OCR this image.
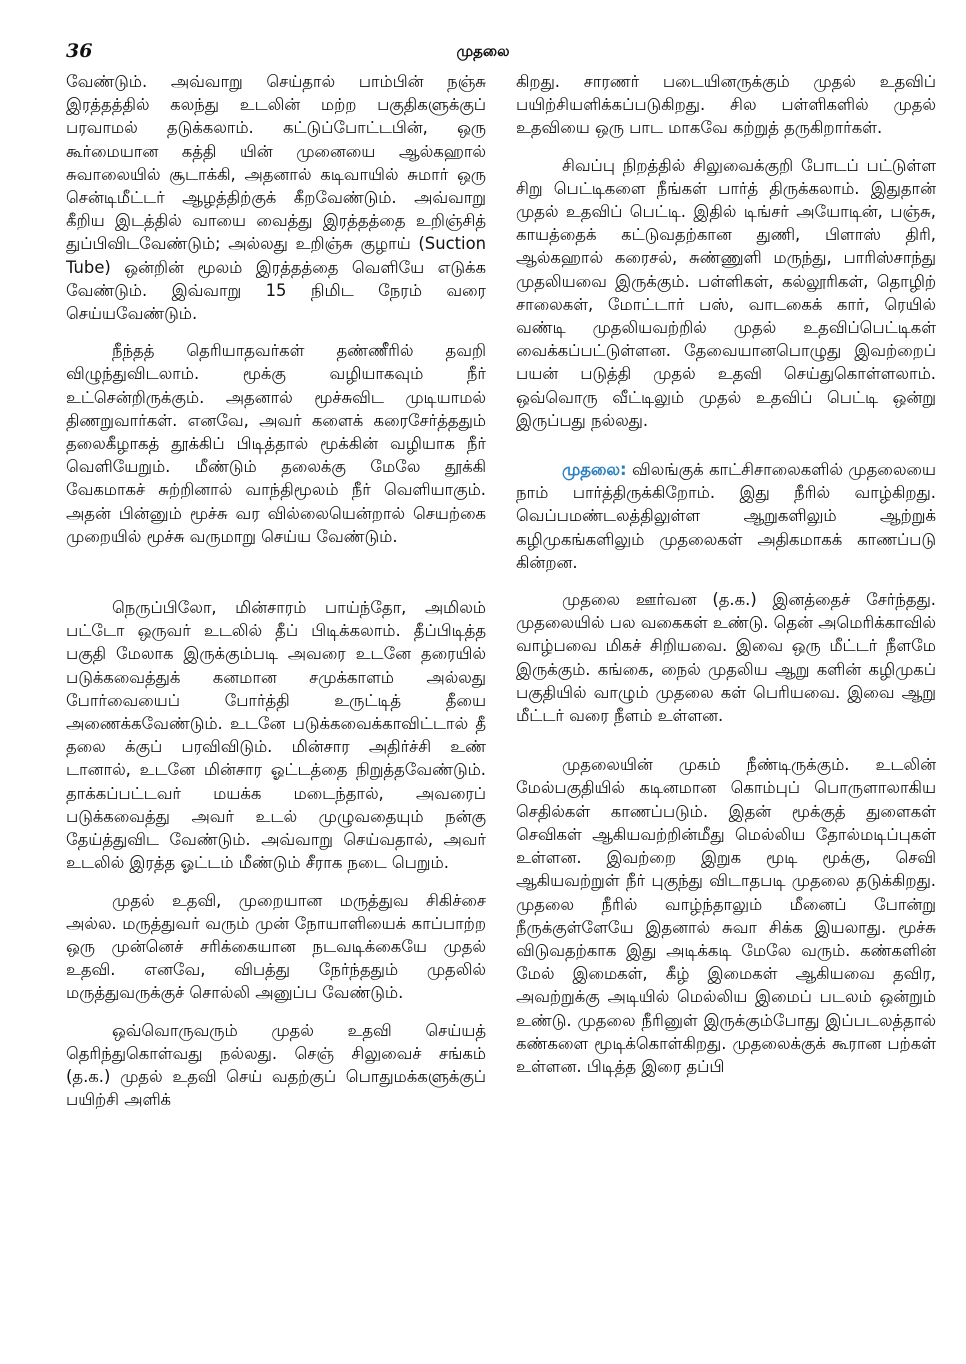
36	முதலை

வேண்டும். அவ்வாறு செய்தால் பாம்பின் நஞ்சு இரத்தத்தில் கலந்து உடலின் மற்ற பகுதிகளுக்குப் பரவாமல் தடுக்கலாம். கட்டுப்போட்டபின், ஒரு கூர்மையான கத்தி யின் முனையை ஆல்கஹால் சுவாலையில் சூடாக்கி, அதனால் கடிவாயில் சுமார் ஒரு சென்டிமீட்டர் ஆழத்திற்குக் கீறவேண்டும். அவ்வாறு கீறிய இடத்தில் வாயை வைத்து இரத்தத்தை உறிஞ்சித் துப்பிவிடவேண்டும்; அல்லது உறிஞ்சு குழாய் (Suction Tube) ஒன்றின் மூலம் இரத்தத்தை வெளியே எடுக்க வேண்டும். இவ்வாறு 15 நிமிட நேரம் வரை செய்யவேண்டும்.

நீந்தத் தெரியாதவர்கள் தண்ணீரில் தவறி விழுந்துவிடலாம். மூக்கு வழியாகவும் நீர் உட்சென்றிருக்கும். அதனால் மூச்சுவிட முடியாமல் திணறுவார்கள். எனவே, அவர் களைக் கரைசேர்த்ததும் தலைகீழாகத் தூக்கிப் பிடித்தால் மூக்கின் வழியாக நீர் வெளியேறும். மீண்டும் தலைக்கு மேலே தூக்கி வேகமாகச் சுற்றினால் வாந்திமூலம் நீர் வெளியாகும். அதன் பின்னும் மூச்சு வர வில்லையென்றால் செயற்கை முறையில் மூச்சு வருமாறு செய்ய வேண்டும்.

நெருப்பிலோ, மின்சாரம் பாய்ந்தோ, அமிலம் பட்டோ ஒருவர் உடலில் தீப் பிடிக்கலாம். தீப்பிடித்த பகுதி மேலாக இருக்கும்படி அவரை உடனே தரையில் படுக்கவைத்துக் கனமான சமுக்காளம் அல்லது போர்வையைப் போர்த்தி உருட்டித் தீயை அணைக்கவேண்டும். உடனே படுக்கவைக்காவிட்டால் தீ தலை க்குப் பரவிவிடும். மின்சார அதிர்ச்சி உண் டானால், உடனே மின்சார ஓட்டத்தை நிறுத்தவேண்டும். தாக்கப்பட்டவர் மயக்க மடைந்தால், அவரைப் படுக்கவைத்து அவர் உடல் முழுவதையும் நன்கு தேய்த்துவிட வேண்டும். அவ்வாறு செய்வதால், அவர் உடலில் இரத்த ஓட்டம் மீண்டும் சீராக நடை பெறும்.

முதல் உதவி, முறையான மருத்துவ சிகிச்சை அல்ல. மருத்துவர் வரும் முன் நோயாளியைக் காப்பாற்ற ஒரு முன்னெச் சரிக்கையான நடவடிக்கையே முதல் உதவி. எனவே, விபத்து நேர்ந்ததும் முதலில் மருத்துவருக்குச் சொல்லி அனுப்ப வேண்டும்.

ஒவ்வொருவரும் முதல் உதவி செய்யத் தெரிந்துகொள்வது நல்லது. செஞ் சிலுவைச் சங்கம் (த.க.) முதல் உதவி செய் வதற்குப் பொதுமக்களுக்குப் பயிற்சி அளிக்

கிறது. சாரணர் படையினருக்கும் முதல் உதவிப் பயிற்சியளிக்கப்படுகிறது. சில பள்ளிகளில் முதல் உதவியை ஒரு பாட மாகவே கற்றுத் தருகிறார்கள்.

சிவப்பு நிறத்தில் சிலுவைக்குறி போடப் பட்டுள்ள சிறு பெட்டிகளை நீங்கள் பார்த் திருக்கலாம். இதுதான் முதல் உதவிப் பெட்டி. இதில் டிங்சர் அயோடின், பஞ்சு, காயத்தைக் கட்டுவதற்கான துணி, பிளாஸ் திரி, ஆல்கஹால் கரைசல், சுண்ணுளி மருந்து, பாரிஸ்சாந்து முதலியவை இருக்கும். பள்ளிகள், கல்லூரிகள், தொழிற் சாலைகள், மோட்டார் பஸ், வாடகைக் கார், ரெயில் வண்டி முதலியவற்றில் முதல் உதவிப்பெட்டிகள் வைக்கப்பட்டுள்ளன. தேவையானபொழுது இவற்றைப் பயன் படுத்தி முதல் உதவி செய்துகொள்ளலாம். ஒவ்வொரு வீட்டிலும் முதல் உதவிப் பெட்டி ஒன்று இருப்பது நல்லது.

முதலை: விலங்குக் காட்சிசாலைகளில் முதலையை நாம் பார்த்திருக்கிறோம். இது நீரில் வாழ்கிறது. வெப்பமண்டலத்திலுள்ள ஆறுகளிலும் ஆற்றுக் கழிமுகங்களிலும் முதலைகள் அதிகமாகக் காணப்படு கின்றன.

முதலை ஊர்வன (த.க.) இனத்தைச் சேர்ந்தது. முதலையில் பல வகைகள் உண்டு. தென் அமெரிக்காவில் வாழ்பவை மிகச் சிறியவை. இவை ஒரு மீட்டர் நீளமே இருக்கும். கங்கை, நைல் முதலிய ஆறு களின் கழிமுகப் பகுதியில் வாழும் முதலை கள் பெரியவை. இவை ஆறு மீட்டர் வரை நீளம் உள்ளன.

முதலையின் முகம் நீண்டிருக்கும். உடலின் மேல்பகுதியில் கடினமான கொம்புப் பொருளாலாகிய செதில்கள் காணப்படும். இதன் மூக்குத் துளைகள் செவிகள் ஆகியவற்றின்மீது மெல்லிய தோல்மடிப்புகள் உள்ளன. இவற்றை இறுக மூடி மூக்கு, செவி ஆகியவற்றுள் நீர் புகுந்து விடாதபடி முதலை தடுக்கிறது. முதலை நீரில் வாழ்ந்தாலும் மீனைப் போன்று நீருக்குள்ளேயே இதனால் சுவா சிக்க இயலாது. மூச்சு விடுவதற்காக இது அடிக்கடி மேலே வரும். கண்களின் மேல் இமைகள், கீழ் இமைகள் ஆகியவை தவிர, அவற்றுக்கு அடியில் மெல்லிய இமைப் படலம் ஒன்றும் உண்டு. முதலை நீரினுள் இருக்கும்போது இப்படலத்தால் கண்களை மூடிக்கொள்கிறது. முதலைக்குக் கூரான பற்கள் உள்ளன. பிடித்த இரை தப்பி
